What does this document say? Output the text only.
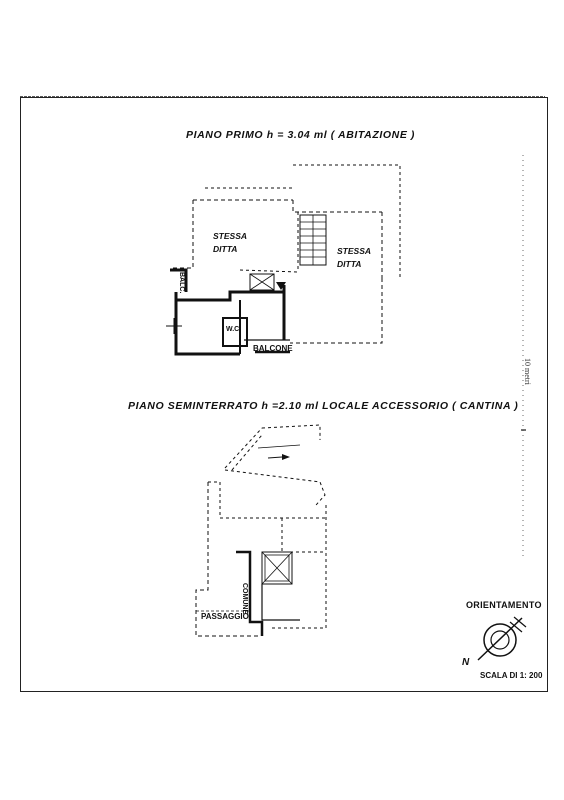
PIANO PRIMO h = 3.04 ml ( ABITAZIONE )
STESSA
DITTA	STESSA
DITTA
BALC.
W.C.
BALCONE
PIANO SEMINTERRATO h =2.10 ml LOCALE ACCESSORIO ( CANTINA )
COMUNE
PASSAGGIO
10 metri
ORIENTAMENTO
N
SCALA DI 1: 200
